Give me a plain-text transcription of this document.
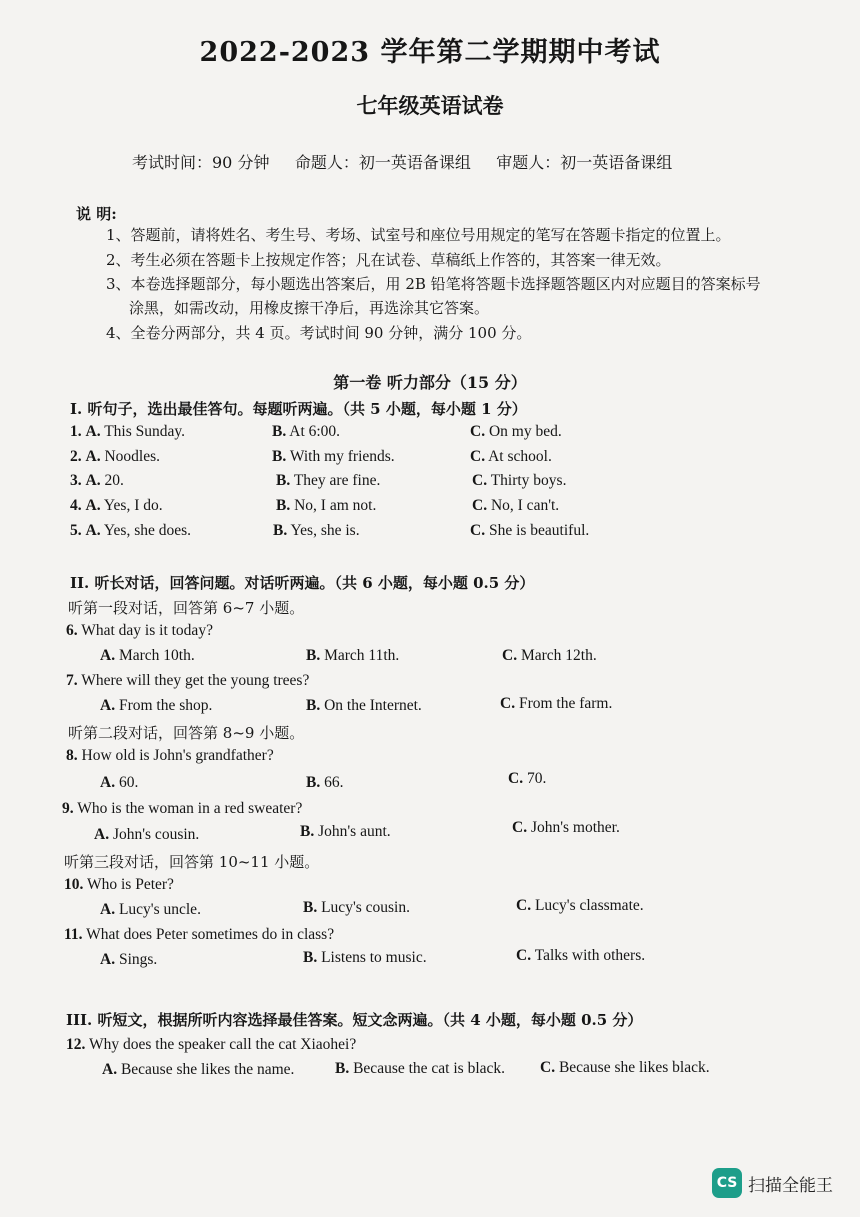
2022-2023 学年第二学期期中考试
七年级英语试卷
考试时间：90 分钟     命题人：初一英语备课组     审题人：初一英语备课组
说 明:
1、答题前，请将姓名、考生号、考场、试室号和座位号用规定的笔写在答题卡指定的位置上。
2、考生必须在答题卡上按规定作答；凡在试卷、草稿纸上作答的，其答案一律无效。
3、本卷选择题部分，每小题选出答案后，用 2B 铅笔将答题卡选择题答题区内对应题目的答案标号
涂黑，如需改动，用橡皮擦干净后，再选涂其它答案。
4、全卷分两部分，共 4 页。考试时间 90 分钟，满分 100 分。
第一卷 听力部分（15 分）
I. 听句子，选出最佳答句。每题听两遍。（共 5 小题，每小题 1 分）
1. A. This Sunday.	B. At 6:00.	C. On my bed.
2. A. Noodles.	B. With my friends.	C. At school.
3. A. 20.	B. They are fine.	C. Thirty boys.
4. A. Yes, I do.	B. No, I am not.	C. No, I can't.
5. A. Yes, she does.	B. Yes, she is.	C. She is beautiful.
II. 听长对话，回答问题。对话听两遍。（共 6 小题，每小题 0.5 分）
听第一段对话，回答第 6~7 小题。
6. What day is it today?
A. March 10th.	B. March 11th.	C. March 12th.
7. Where will they get the young trees?
A. From the shop.	B. On the Internet.	C. From the farm.
听第二段对话，回答第 8~9 小题。
8. How old is John's grandfather?
A. 60.	B. 66.	C. 70.
9. Who is the woman in a red sweater?
A. John's cousin.	B. John's aunt.	C. John's mother.
听第三段对话，回答第 10~11 小题。
10. Who is Peter?
A. Lucy's uncle.	B. Lucy's cousin.	C. Lucy's classmate.
11. What does Peter sometimes do in class?
A. Sings.	B. Listens to music.	C. Talks with others.
III. 听短文，根据所听内容选择最佳答案。短文念两遍。（共 4 小题，每小题 0.5 分）
12. Why does the speaker call the cat Xiaohei?
A. Because she likes the name.	B. Because the cat is black. C. Because she likes black.
CS 扫描全能王
